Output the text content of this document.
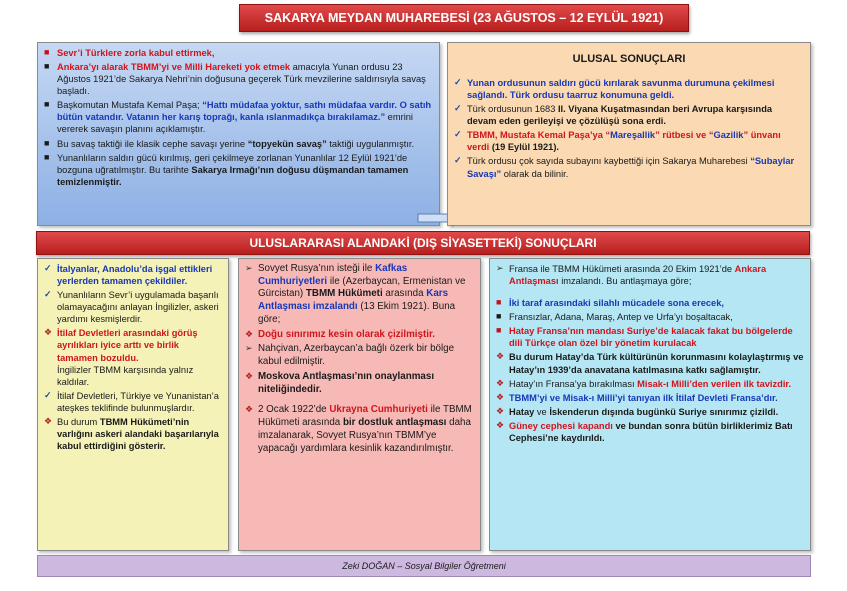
SAKARYA MEYDAN MUHAREBESİ (23 AĞUSTOS – 12 EYLÜL 1921)
■ Sevr’i Türklere zorla kabul ettirmek,
■ Ankara’yı alarak TBMM’yi ve Milli Hareketi yok etmek amacıyla Yunan ordusu 23 Ağustos 1921’de Sakarya Nehri’nin doğusuna geçerek Türk mevzilerine saldırısıyla savaş başladı.
■ Başkomutan Mustafa Kemal Paşa; “Hattı müdafaa yoktur, sathı müdafaa vardır. O satıh bütün vatandır. Vatanın her karış toprağı, kanla ıslanmadıkça bırakılamaz.” emrini vererek savaşın planını açıklamıştır.
■ Bu savaş taktiği ile klasik cephe savaşı yerine “topyekün savaş” taktiği uygulanmıştır.
■ Yunanlıların saldırı gücü kırılmış, geri çekilmeye zorlanan Yunanlılar 12 Eylül 1921’de bozguna uğratılmıştır. Bu tarihte Sakarya Irmağı’nın doğusu düşmandan tamamen temizlenmiştir.
ULUSAL SONUÇLARI
✓ Yunan ordusunun saldırı gücü kırılarak savunma durumuna çekilmesi sağlandı. Türk ordusu taarruz konumuna geldi.
✓ Türk ordusunun 1683 II. Viyana Kuşatmasından beri Avrupa karşısında devam eden gerileyişi ve çözülüşü sona erdi.
✓ TBMM, Mustafa Kemal Paşa’ya “Mareşallik” rütbesi ve “Gazilik” ünvanı verdi (19 Eylül 1921).
✓ Türk ordusu çok sayıda subayını kaybettiği için Sakarya Muharebesi “Subaylar Savaşı” olarak da bilinir.
ULUSLARARASI ALANDAKİ (DIŞ SİYASETTEKİ) SONUÇLARI
✓ İtalyanlar, Anadolu’da işgal ettikleri yerlerden tamamen çekildiler.
✓ Yunanlıların Sevr’i uygulamada başarılı olamayacağını anlayan İngilizler, askeri yardımı kesmişlerdir.
❖ İtilaf Devletleri arasındaki görüş ayrılıkları iyice arttı ve birlik tamamen bozuldu.
İngilizler TBMM karşısında yalnız kaldılar.
✓ İtilaf Devletleri, Türkiye ve Yunanistan’a ateşkes teklifinde bulunmuşlardır.
❖ Bu durum TBMM Hükümeti’nin varlığını askeri alandaki başarılarıyla kabul ettirdiğini gösterir.
➢ Sovyet Rusya’nın isteği ile Kafkas Cumhuriyetleri ile (Azerbaycan, Ermenistan ve Gürcistan) TBMM Hükümeti arasında Kars Antlaşması imzalandı (13 Ekim 1921). Buna göre;
❖ Doğu sınırımız kesin olarak çizilmiştir.
➢ Nahçivan, Azerbaycan’a bağlı özerk bir bölge kabul edilmiştir.
❖ Moskova Antlaşması’nın onaylanması niteliğindedir.
❖ 2 Ocak 1922’de Ukrayna Cumhuriyeti ile TBMM Hükümeti arasında bir dostluk antlaşması daha imzalanarak, Sovyet Rusya’nın TBMM’ye yapacağı yardımlara kesinlik kazandırılmıştır.
➢ Fransa ile TBMM Hükümeti arasında 20 Ekim 1921’de Ankara Antlaşması imzalandı. Bu antlaşmaya göre;
■ İki taraf arasındaki silahlı mücadele sona erecek,
■ Fransızlar, Adana, Maraş, Antep ve Urfa’yı boşaltacak,
■ Hatay Fransa’nın mandası Suriye’de kalacak fakat bu bölgelerde dili Türkçe olan özel bir yönetim kurulacak
❖ Bu durum Hatay’da Türk kültürünün korunmasını kolaylaştırmış ve Hatay’ın 1939’da anavatana katılmasına katkı sağlamıştır.
❖ Hatay’ın Fransa’ya bırakılması Misak-ı Milli’den verilen ilk tavizdir.
❖ TBMM’yi ve Misak-ı Milli’yi tanıyan ilk İtilaf Devleti Fransa’dır.
❖ Hatay ve İskenderun dışında bugünkü Suriye sınırımız çizildi.
❖ Güney cephesi kapandı ve bundan sonra bütün birliklerimiz Batı Cephesi’ne kaydırıldı.
Zeki DOĞAN – Sosyal Bilgiler Öğretmeni
